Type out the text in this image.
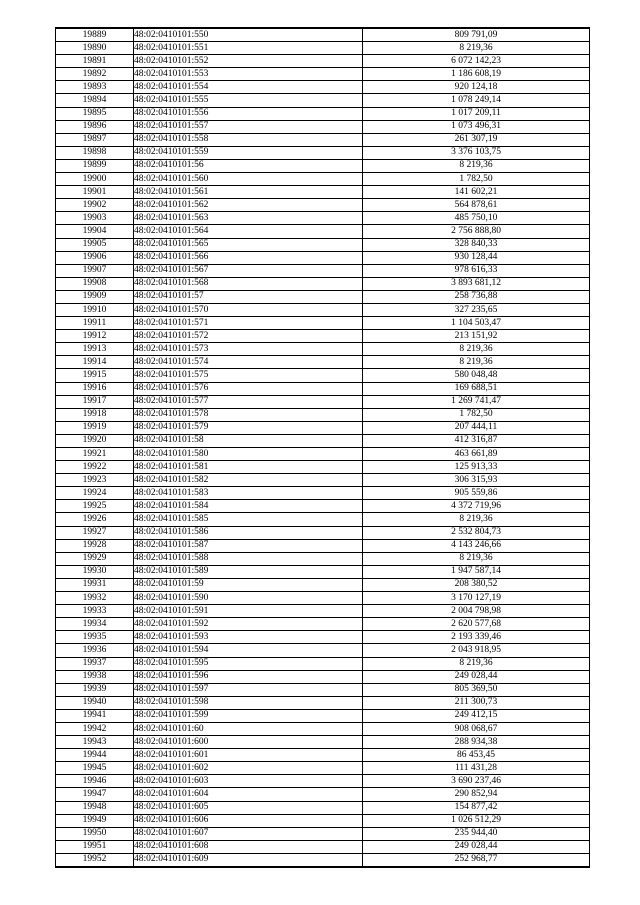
19889	48:02:0410101:550	809 791,09
19890	48:02:0410101:551	8 219,36
19891	48:02:0410101:552	6 072 142,23
19892	48:02:0410101:553	1 186 608,19
19893	48:02:0410101:554	920 124,18
19894	48:02:0410101:555	1 078 249,14
19895	48:02:0410101:556	1 017 209,11
19896	48:02:0410101:557	1 073 496,31
19897	48:02:0410101:558	261 307,19
19898	48:02:0410101:559	3 376 103,75
19899	48:02:0410101:56	8 219,36
19900	48:02:0410101:560	1 782,50
19901	48:02:0410101:561	141 602,21
19902	48:02:0410101:562	564 878,61
19903	48:02:0410101:563	485 750,10
19904	48:02:0410101:564	2 756 888,80
19905	48:02:0410101:565	328 840,33
19906	48:02:0410101:566	930 128,44
19907	48:02:0410101:567	978 616,33
19908	48:02:0410101:568	3 893 681,12
19909	48:02:0410101:57	258 736,88
19910	48:02:0410101:570	327 235,65
19911	48:02:0410101:571	1 104 503,47
19912	48:02:0410101:572	213 151,92
19913	48:02:0410101:573	8 219,36
19914	48:02:0410101:574	8 219,36
19915	48:02:0410101:575	580 048,48
19916	48:02:0410101:576	169 688,51
19917	48:02:0410101:577	1 269 741,47
19918	48:02:0410101:578	1 782,50
19919	48:02:0410101:579	207 444,11
19920	48:02:0410101:58	412 316,87
19921	48:02:0410101:580	463 661,89
19922	48:02:0410101:581	125 913,33
19923	48:02:0410101:582	306 315,93
19924	48:02:0410101:583	905 559,86
19925	48:02:0410101:584	4 372 719,96
19926	48:02:0410101:585	8 219,36
19927	48:02:0410101:586	2 532 804,73
19928	48:02:0410101:587	4 143 246,66
19929	48:02:0410101:588	8 219,36
19930	48:02:0410101:589	1 947 587,14
19931	48:02:0410101:59	208 380,52
19932	48:02:0410101:590	3 170 127,19
19933	48:02:0410101:591	2 004 798,98
19934	48:02:0410101:592	2 620 577,68
19935	48:02:0410101:593	2 193 339,46
19936	48:02:0410101:594	2 043 918,95
19937	48:02:0410101:595	8 219,36
19938	48:02:0410101:596	249 028,44
19939	48:02:0410101:597	805 369,50
19940	48:02:0410101:598	211 300,73
19941	48:02:0410101:599	249 412,15
19942	48:02:0410101:60	908 068,67
19943	48:02:0410101:600	288 934,38
19944	48:02:0410101:601	86 453,45
19945	48:02:0410101:602	111 431,28
19946	48:02:0410101:603	3 690 237,46
19947	48:02:0410101:604	290 852,94
19948	48:02:0410101:605	154 877,42
19949	48:02:0410101:606	1 026 512,29
19950	48:02:0410101:607	235 944,40
19951	48:02:0410101:608	249 028,44
19952	48:02:0410101:609	252 968,77
